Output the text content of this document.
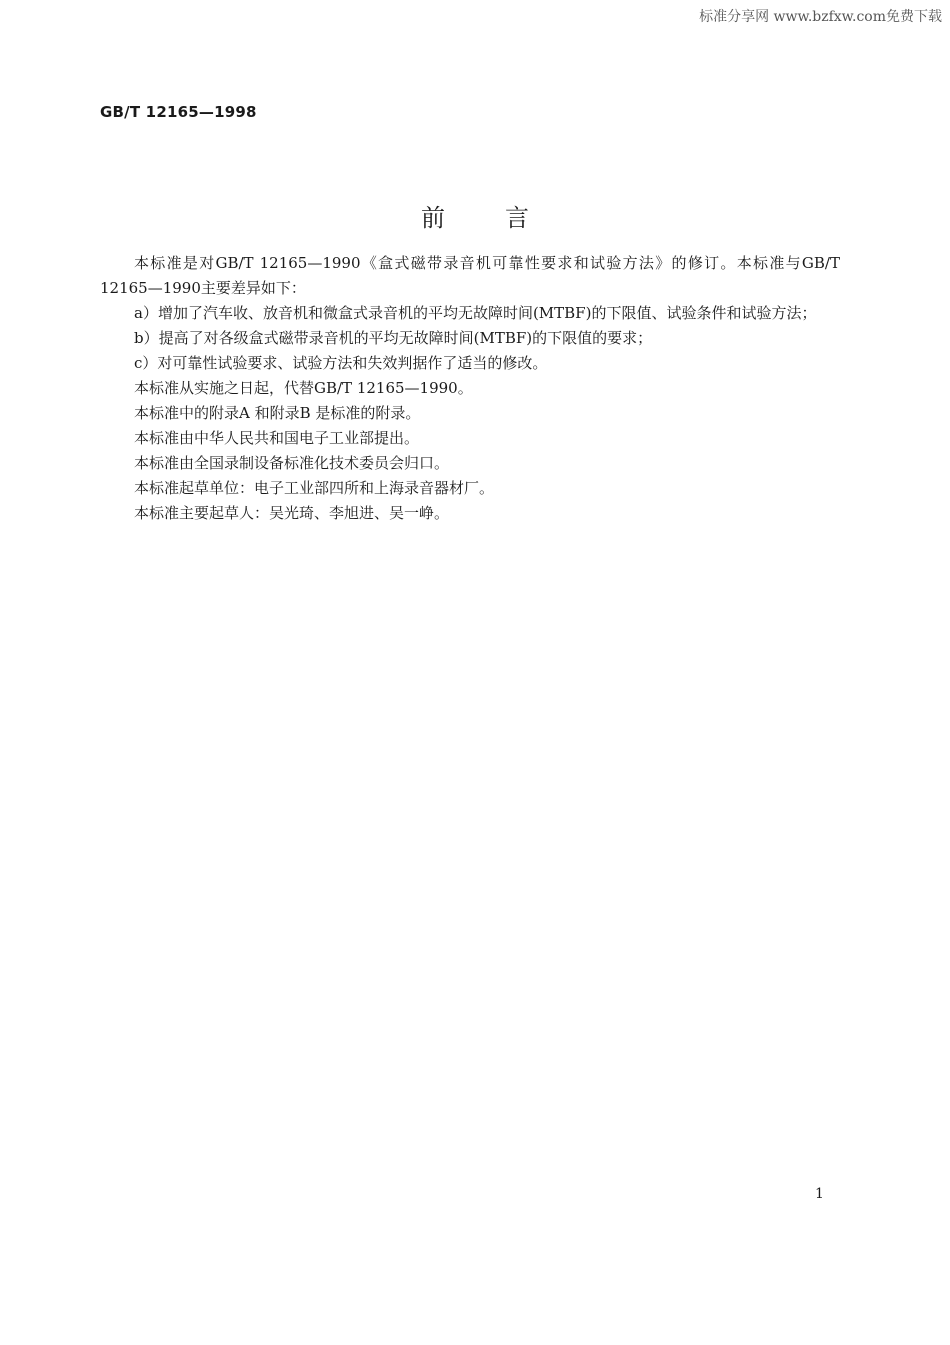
标准分享网 www.bzfxw.com免费下载
GB/T 12165—1998
前言

本标准是对GB/T 12165—1990《盒式磁带录音机可靠性要求和试验方法》的修订。本标准与GB/T 12165—1990主要差异如下：

a）增加了汽车收、放音机和微盒式录音机的平均无故障时间(MTBF)的下限值、试验条件和试验方法；

b）提高了对各级盒式磁带录音机的平均无故障时间(MTBF)的下限值的要求；

c）对可靠性试验要求、试验方法和失效判据作了适当的修改。

本标准从实施之日起，代替GB/T 12165—1990。

本标准中的附录A 和附录B 是标准的附录。

本标准由中华人民共和国电子工业部提出。

本标准由全国录制设备标准化技术委员会归口。

本标准起草单位：电子工业部四所和上海录音器材厂。

本标准主要起草人：吴光琦、李旭进、吴一峥。

1
